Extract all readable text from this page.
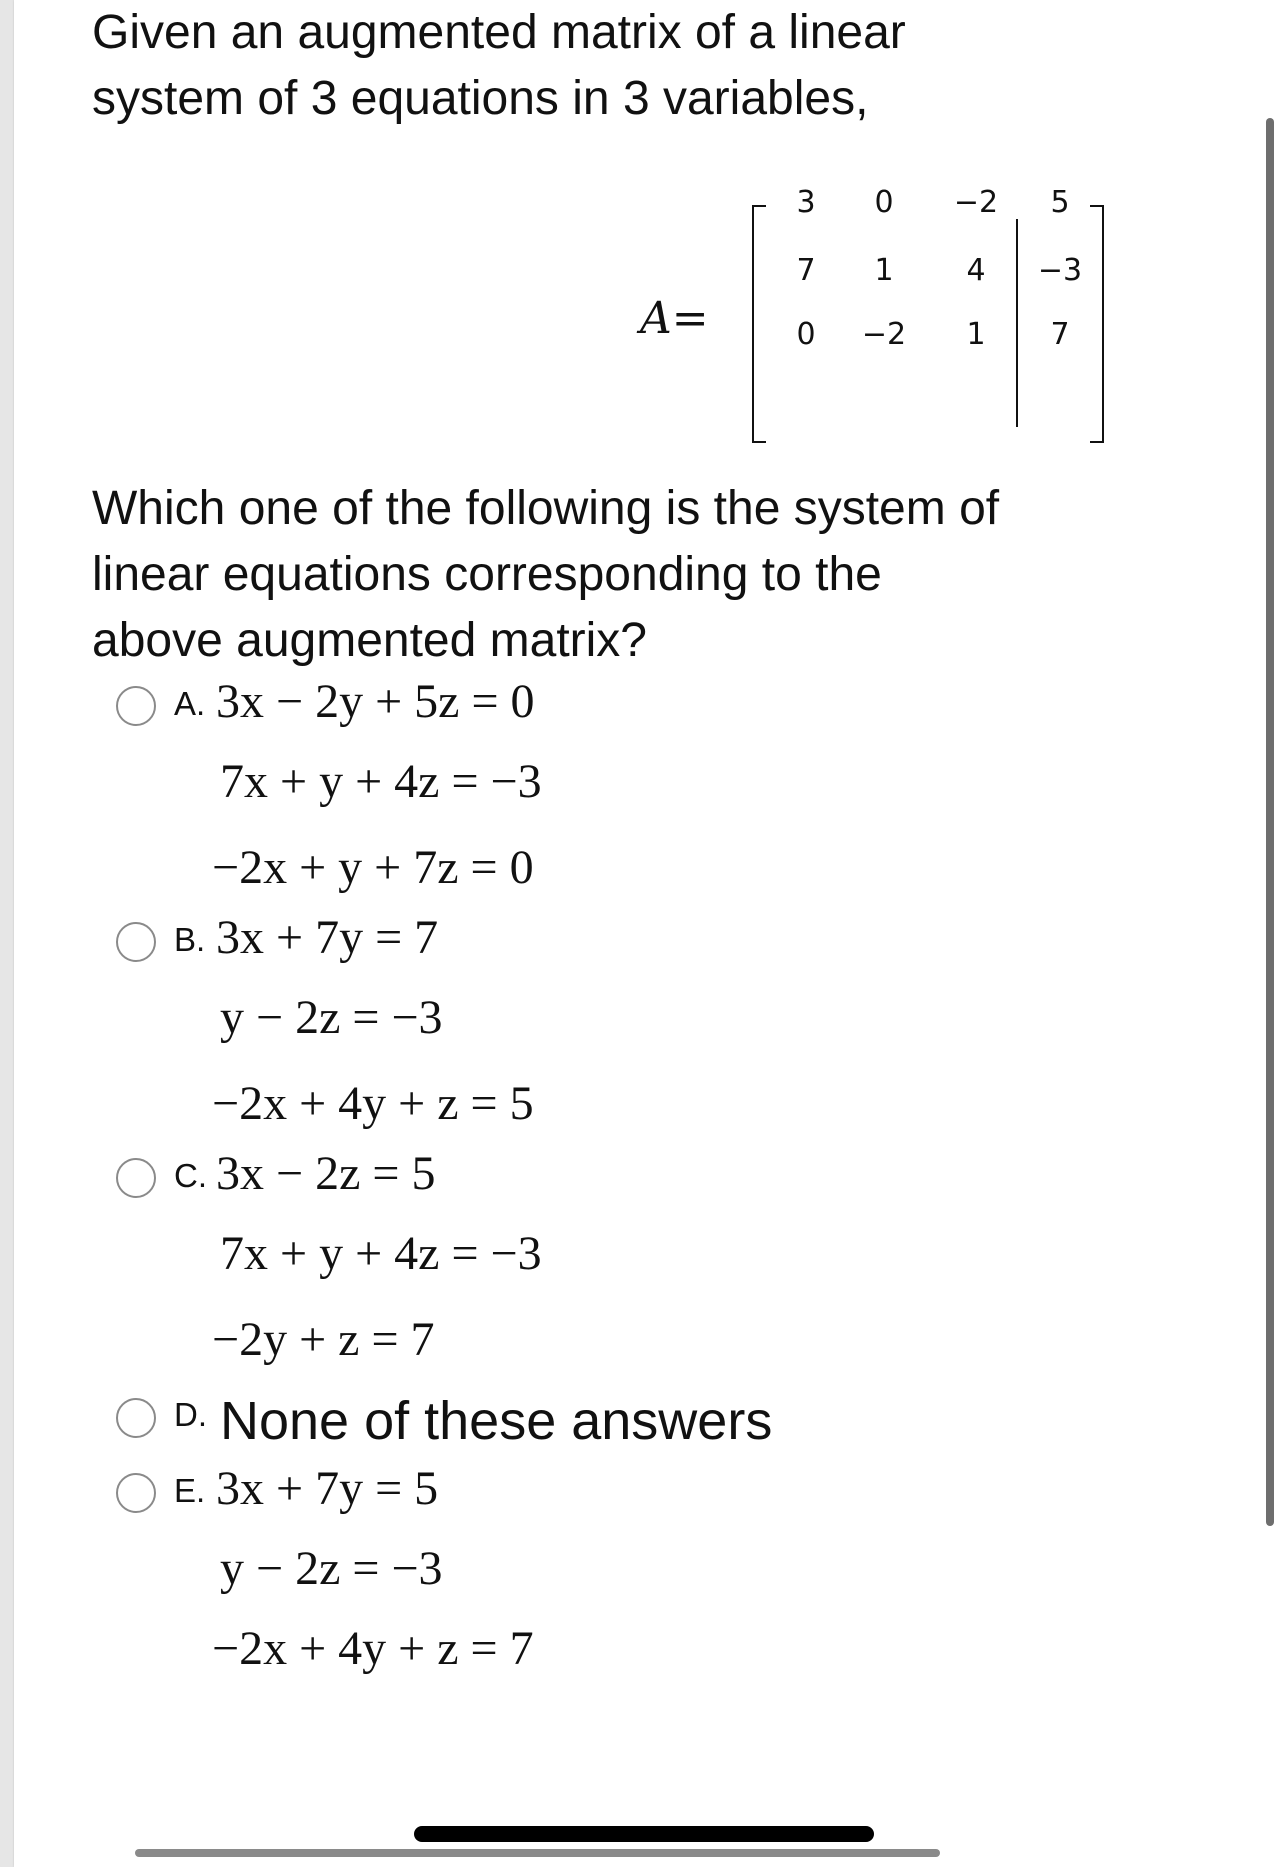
Given an augmented matrix of a linear
system of 3 equations in 3 variables,
A=
3	0	−2	5
7	1	4	−3
0	−2	1	7
Which one of the following is the system of
linear equations corresponding to the
above augmented matrix?
A. 3x − 2y + 5z = 0
7x + y + 4z = −3
−2x + y + 7z = 0
B. 3x + 7y = 7
y − 2z = −3
−2x + 4y + z = 5
C. 3x − 2z = 5
7x + y + 4z = −3
−2y + z = 7
D. None of these answers
E. 3x + 7y = 5
y − 2z = −3
−2x + 4y + z = 7
